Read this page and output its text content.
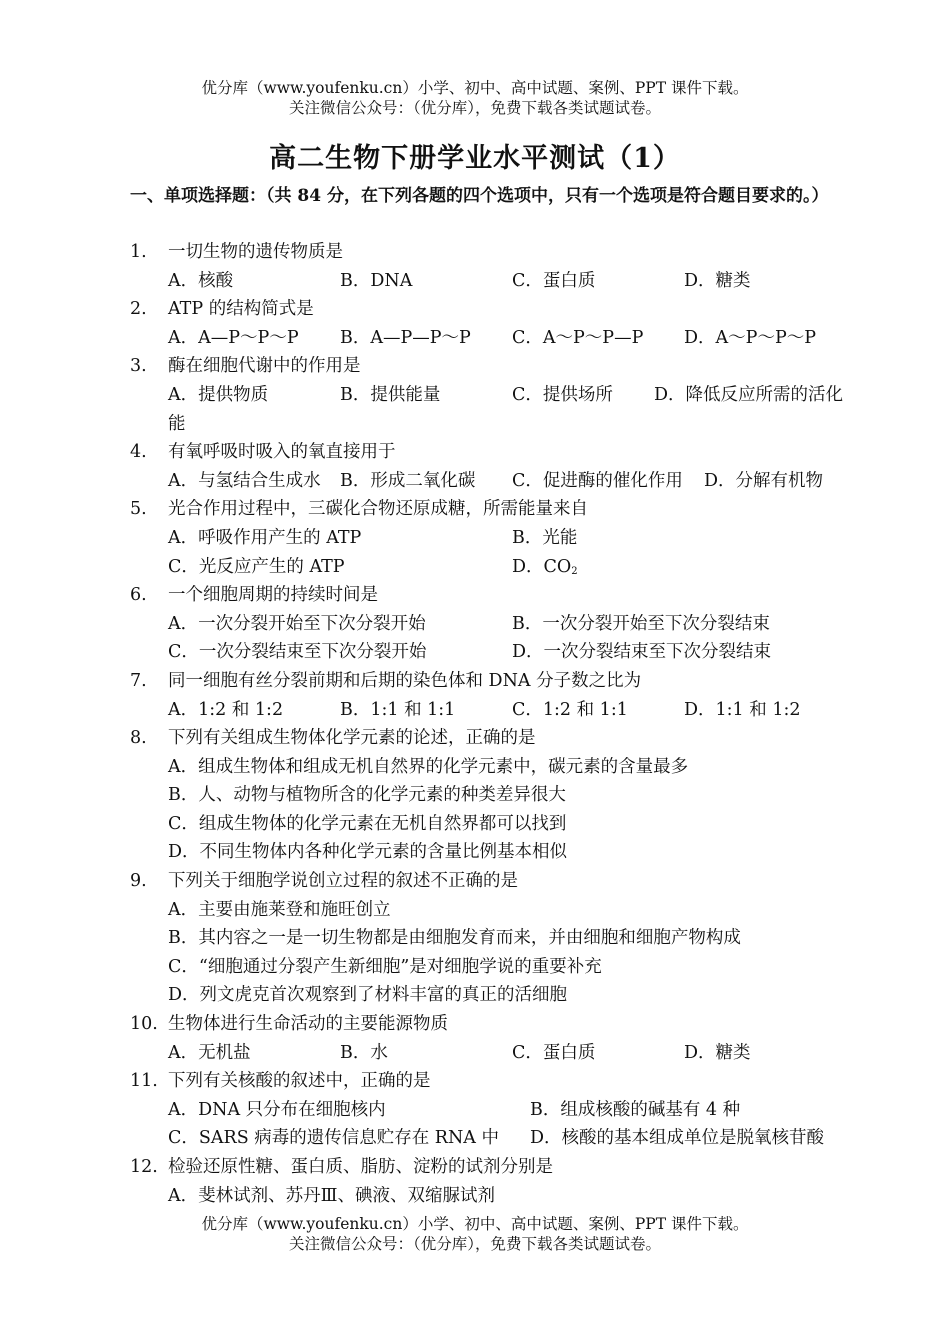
优分库（www.youfenku.cn）小学、初中、高中试题、案例、PPT 课件下载。
关注微信公众号：（优分库），免费下载各类试题试卷。
高二生物下册学业水平测试（1）
一、单项选择题：（共 84 分，在下列各题的四个选项中，只有一个选项是符合题目要求的。）
1. 一切生物的遗传物质是
A．核酸	B．DNA	C．蛋白质	D．糖类
2. ATP 的结构简式是
A．A—P～P～P B．A—P—P～P C．A～P～P—P D．A～P～P～P
3. 酶在细胞代谢中的作用是
A．提供物质	B．提供能量	C．提供场所 D．降低反应所需的活化
能
4. 有氧呼吸时吸入的氧直接用于
A．与氢结合生成水 B．形成二氧化碳 C．促进酶的催化作用 D．分解有机物
5. 光合作用过程中，三碳化合物还原成糖，所需能量来自
A．呼吸作用产生的 ATP	B．光能
C．光反应产生的 ATP	D．$CO_2$
6. 一个细胞周期的持续时间是
A．一次分裂开始至下次分裂开始	B．一次分裂开始至下次分裂结束
C．一次分裂结束至下次分裂开始	D．一次分裂结束至下次分裂结束
7. 同一细胞有丝分裂前期和后期的染色体和 DNA 分子数之比为
A．1:2 和 1:2	B．1:1 和 1:1	C．1:2 和 1:1	D．1:1 和 1:2
8. 下列有关组成生物体化学元素的论述，正确的是
A．组成生物体和组成无机自然界的化学元素中，碳元素的含量最多
B．人、动物与植物所含的化学元素的种类差异很大
C．组成生物体的化学元素在无机自然界都可以找到
D．不同生物体内各种化学元素的含量比例基本相似
9. 下列关于细胞学说创立过程的叙述不正确的是
A．主要由施莱登和施旺创立
B．其内容之一是一切生物都是由细胞发育而来，并由细胞和细胞产物构成
C．“细胞通过分裂产生新细胞”是对细胞学说的重要补充
D．列文虎克首次观察到了材料丰富的真正的活细胞
10. 生物体进行生命活动的主要能源物质
A．无机盐	B．水	C．蛋白质	D．糖类
11. 下列有关核酸的叙述中，正确的是
A．DNA 只分布在细胞核内	B．组成核酸的碱基有 4 种
C．SARS 病毒的遗传信息贮存在 RNA 中 D．核酸的基本组成单位是脱氧核苷酸
12. 检验还原性糖、蛋白质、脂肪、淀粉的试剂分别是
A．斐林试剂、苏丹Ⅲ、碘液、双缩脲试剂
优分库（www.youfenku.cn）小学、初中、高中试题、案例、PPT 课件下载。
关注微信公众号：（优分库），免费下载各类试题试卷。
